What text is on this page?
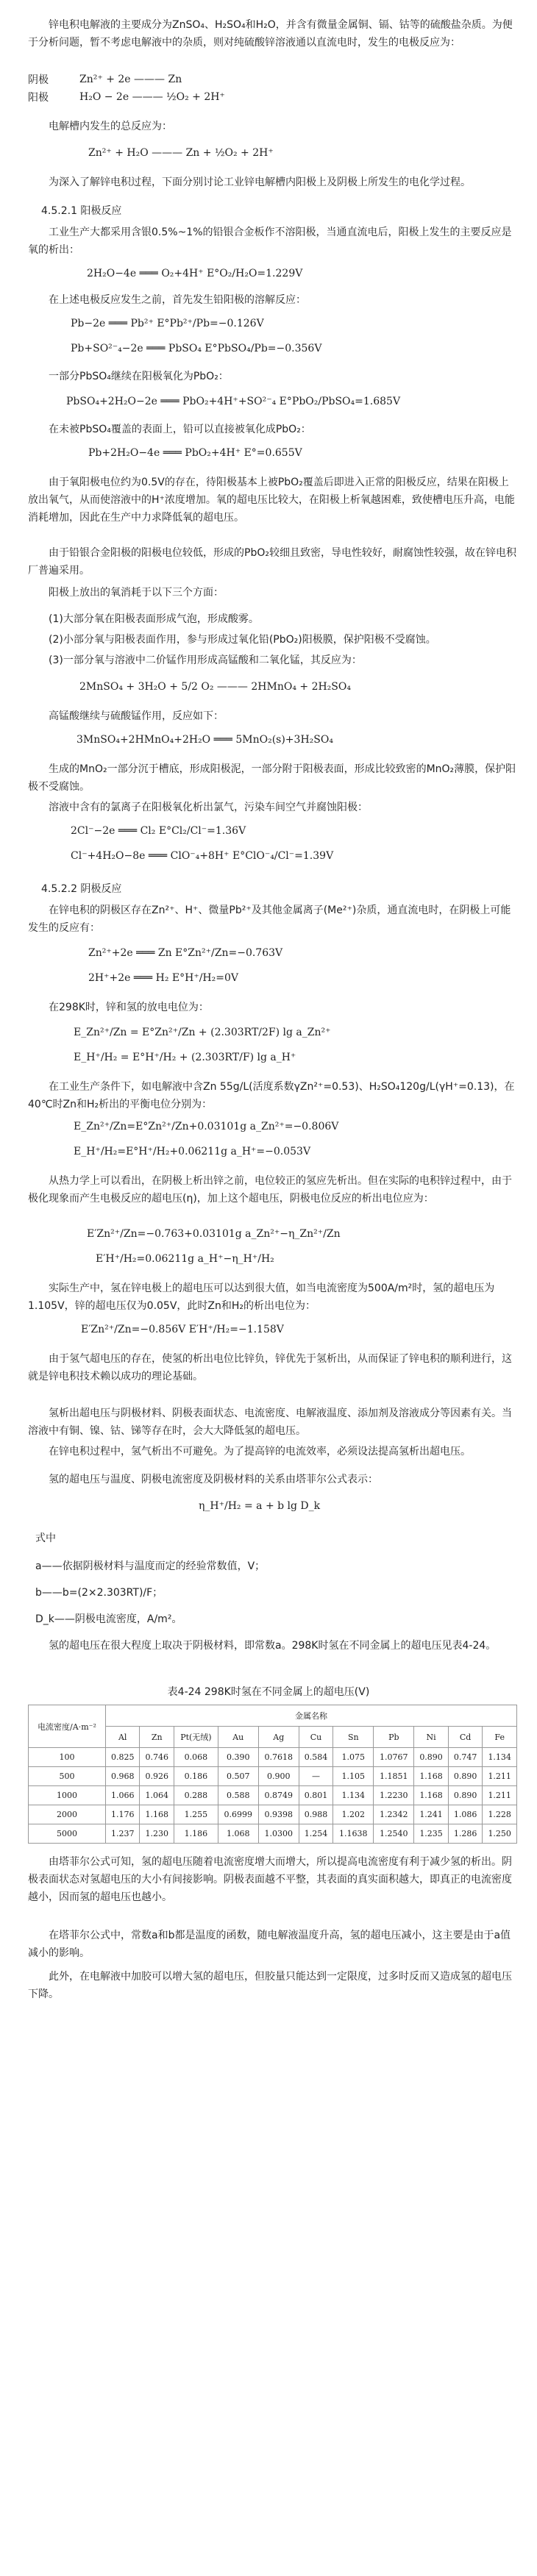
锌电积电解液的主要成分为ZnSO₄、H₂SO₄和H₂O，并含有微量金属铜、镉、钴等的硫酸盐杂质。为便于分析问题，暂不考虑电解液中的杂质，则对纯硫酸锌溶液通以直流电时，发生的电极反应为：

阴极	Zn²⁺ + 2e ——— Zn
阳极	H₂O − 2e ——— ½O₂ + 2H⁺

电解槽内发生的总反应为：

Zn²⁺ + H₂O ——— Zn + ½O₂ + 2H⁺

为深入了解锌电积过程，下面分别讨论工业锌电解槽内阳极上及阴极上所发生的电化学过程。

4.5.2.1 阳极反应

工业生产大都采用含银0.5%~1%的铅银合金板作不溶阳极，当通直流电后，阳极上发生的主要反应是氧的析出：

2H₂O−4e ═══ O₂+4H⁺ E°O₂/H₂O=1.229V

在上述电极反应发生之前，首先发生铅阳极的溶解反应：

Pb−2e ═══ Pb²⁺ E°Pb²⁺/Pb=−0.126V
Pb+SO²⁻₄−2e ═══ PbSO₄ E°PbSO₄/Pb=−0.356V

一部分PbSO₄继续在阳极氧化为PbO₂：

PbSO₄+2H₂O−2e ═══ PbO₂+4H⁺+SO²⁻₄ E°PbO₂/PbSO₄=1.685V

在未被PbSO₄覆盖的表面上，铅可以直接被氧化成PbO₂：

Pb+2H₂O−4e ═══ PbO₂+4H⁺ E°=0.655V

由于氧阳极电位约为0.5V的存在，待阳极基本上被PbO₂覆盖后即进入正常的阳极反应，结果在阳极上放出氧气，从而使溶液中的H⁺浓度增加。氧的超电压比较大，在阳极上析氧越困难，致使槽电压升高，电能消耗增加，因此在生产中力求降低氧的超电压。

由于铅银合金阳极的阳极电位较低，形成的PbO₂较细且致密，导电性较好，耐腐蚀性较强，故在锌电积厂普遍采用。

阳极上放出的氧消耗于以下三个方面：

(1)大部分氧在阳极表面形成气泡，形成酸雾。

(2)小部分氧与阳极表面作用，参与形成过氧化铅(PbO₂)阳极膜，保护阳极不受腐蚀。

(3)一部分氧与溶液中二价锰作用形成高锰酸和二氧化锰，其反应为：

2MnSO₄ + 3H₂O + 5/2 O₂ ——— 2HMnO₄ + 2H₂SO₄

高锰酸继续与硫酸锰作用，反应如下：

3MnSO₄+2HMnO₄+2H₂O ═══ 5MnO₂(s)+3H₂SO₄

生成的MnO₂一部分沉于槽底，形成阳极泥，一部分附于阳极表面，形成比较致密的MnO₂薄膜，保护阳极不受腐蚀。

溶液中含有的氯离子在阳极氧化析出氯气，污染车间空气并腐蚀阳极：

2Cl⁻−2e ═══ Cl₂ E°Cl₂/Cl⁻=1.36V
Cl⁻+4H₂O−8e ═══ ClO⁻₄+8H⁺ E°ClO⁻₄/Cl⁻=1.39V
4.5.2.2 阴极反应

在锌电积的阴极区存在Zn²⁺、H⁺、微量Pb²⁺及其他金属离子(Me²⁺)杂质，通直流电时，在阴极上可能发生的反应有：

Zn²⁺+2e ═══ Zn E°Zn²⁺/Zn=−0.763V
2H⁺+2e ═══ H₂ E°H⁺/H₂=0V

在298K时，锌和氢的放电电位为：

E_Zn²⁺/Zn = E°Zn²⁺/Zn + (2.303RT/2F) lg a_Zn²⁺
E_H⁺/H₂ = E°H⁺/H₂ + (2.303RT/F) lg a_H⁺

在工业生产条件下，如电解液中含Zn 55g/L(活度系数γZn²⁺=0.53)、H₂SO₄120g/L(γH⁺=0.13)，在40℃时Zn和H₂析出的平衡电位分别为：

E_Zn²⁺/Zn=E°Zn²⁺/Zn+0.03101g a_Zn²⁺=−0.806V
E_H⁺/H₂=E°H⁺/H₂+0.06211g a_H⁺=−0.053V

从热力学上可以看出，在阴极上析出锌之前，电位较正的氢应先析出。但在实际的电积锌过程中，由于极化现象而产生电极反应的超电压(η)，加上这个超电压，阴极电位反应的析出电位应为：

E′Zn²⁺/Zn=−0.763+0.03101g a_Zn²⁺−η_Zn²⁺/Zn
E′H⁺/H₂=0.06211g a_H⁺−η_H⁺/H₂

实际生产中，氢在锌电极上的超电压可以达到很大值，如当电流密度为500A/m²时，氢的超电压为1.105V，锌的超电压仅为0.05V，此时Zn和H₂的析出电位为：

E′Zn²⁺/Zn=−0.856V E′H⁺/H₂=−1.158V

由于氢气超电压的存在，使氢的析出电位比锌负，锌优先于氢析出，从而保证了锌电积的顺利进行，这就是锌电积技术赖以成功的理论基础。

氢析出超电压与阴极材料、阴极表面状态、电流密度、电解液温度、添加剂及溶液成分等因素有关。当溶液中有铜、镍、钴、锑等存在时，会大大降低氢的超电压。

在锌电积过程中，氢气析出不可避免。为了提高锌的电流效率，必须设法提高氢析出超电压。

氢的超电压与温度、阴极电流密度及阴极材料的关系由塔菲尔公式表示：

η_H⁺/H₂ = a + b lg D_k

式中

a——依据阴极材料与温度而定的经验常数值，V；

b——b=(2×2.303RT)/F；

D_k——阴极电流密度，A/m²。

氢的超电压在很大程度上取决于阴极材料，即常数a。298K时氢在不同金属上的超电压见表4-24。

表4-24 298K时氢在不同金属上的超电压(V)
电流密度/A·m⁻²	金属名称										
	Al	Zn	Pt(无绒)	Au	Ag	Cu	Sn	Pb	Ni	Cd	Fe
100	0.825	0.746	0.068	0.390	0.7618	0.584	1.075	1.0767	0.890	0.747	1.134
500	0.968	0.926	0.186	0.507	0.900	—	1.105	1.1851	1.168	0.890	1.211
1000	1.066	1.064	0.288	0.588	0.8749	0.801	1.134	1.2230	1.168	0.890	1.211
2000	1.176	1.168	1.255	0.6999	0.9398	0.988	1.202	1.2342	1.241	1.086	1.228
5000	1.237	1.230	1.186	1.068	1.0300	1.254	1.1638	1.2540	1.235	1.286	1.250

由塔菲尔公式可知，氢的超电压随着电流密度增大而增大，所以提高电流密度有利于减少氢的析出。阴极表面状态对氢超电压的大小有间接影响。阴极表面越不平整，其表面的真实面积越大，即真正的电流密度越小，因而氢的超电压也越小。

在塔菲尔公式中，常数a和b都是温度的函数，随电解液温度升高，氢的超电压减小，这主要是由于a值减小的影响。

此外，在电解液中加胶可以增大氢的超电压，但胶量只能达到一定限度，过多时反而又造成氢的超电压下降。
